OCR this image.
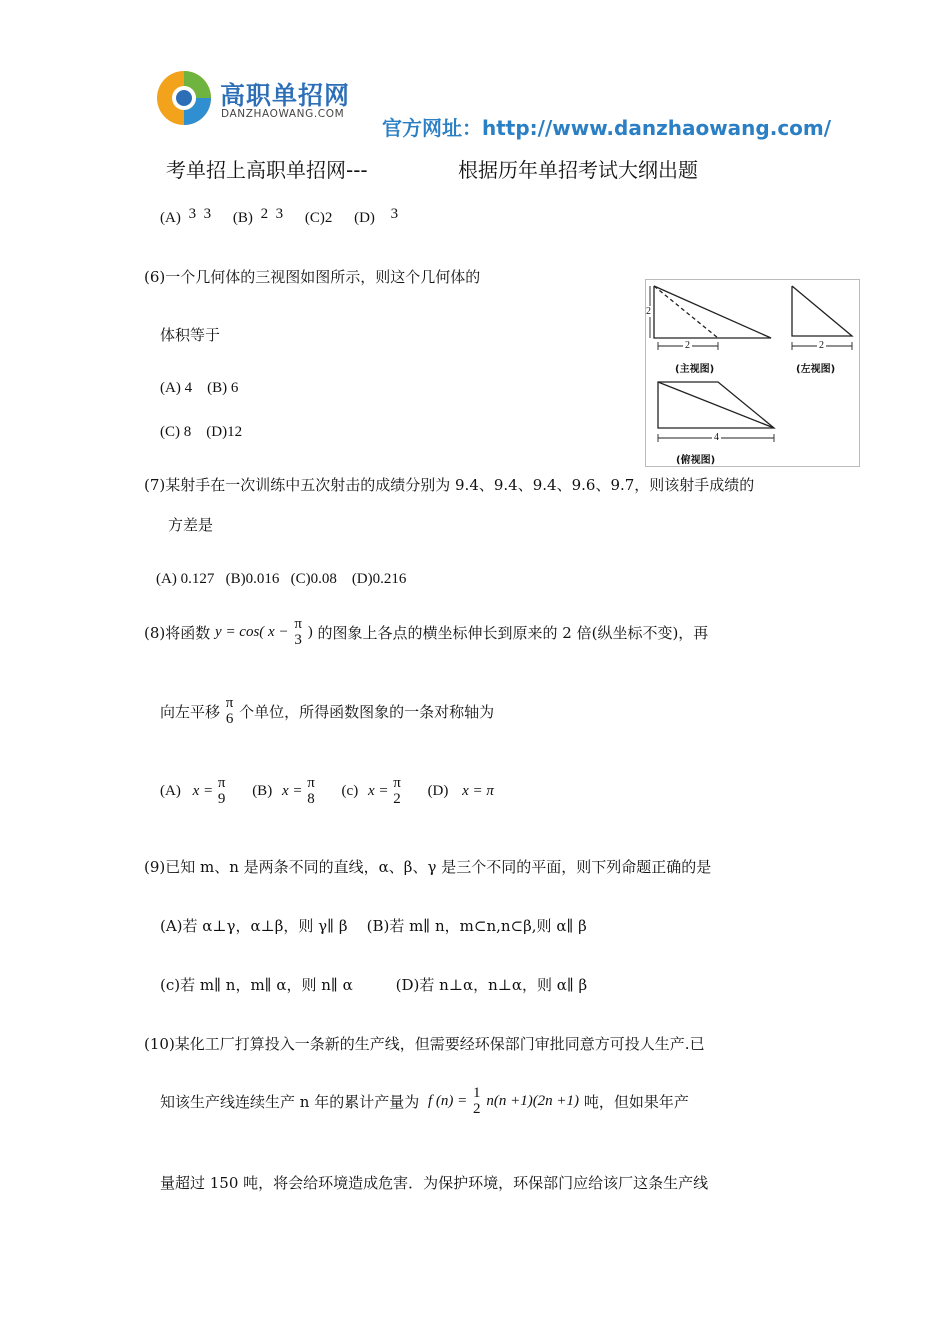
高职单招网
DANZHAOWANG.COM
官方网址：http://www.danzhaowang.com/
考单招上高职单招网---	根据历年单招考试大纲出题
(A) 3 3 (B) 2 3 (C)2 (D) 3
(6)一个几何体的三视图如图所示，则这个几何体的
体积等于
(A) 4    (B) 6
(C) 8    (D)12
2
2
(主视图)
2
(左视图)
4
(俯视图)
(7)某射手在一次训练中五次射击的成绩分别为 9.4、9.4、9.4、9.6、9.7，则该射手成绩的
方差是
(A) 0.127   (B)0.016   (C)0.08    (D)0.216
(8)将函数 y = cos( x − π
3 ) 的图象上各点的横坐标伸长到原来的 2 倍(纵坐标不变)，再
向左平移 π
6 个单位，所得函数图象的一条对称轴为
(A) x = π
9 (B) x = π
8 (c) x = π
2 (D) x = π
(9)已知 m、n 是两条不同的直线，α、β、γ 是三个不同的平面，则下列命题正确的是
(A)若 α⊥γ，α⊥β，则 γ∥ β    (B)若 m∥ n，m⊂n,n⊂β,则 α∥ β
(c)若 m∥ n，m∥ α，则 n∥ α         (D)若 n⊥α，n⊥α，则 α∥ β
(10)某化工厂打算投入一条新的生产线，但需要经环保部门审批同意方可投人生产.已
知该生产线连续生产 n 年的累计产量为 f (n) = 1
2 n(n +1)(2n +1) 吨，但如果年产
量超过 150 吨，将会给环境造成危害．为保护环境，环保部门应给该厂这条生产线
